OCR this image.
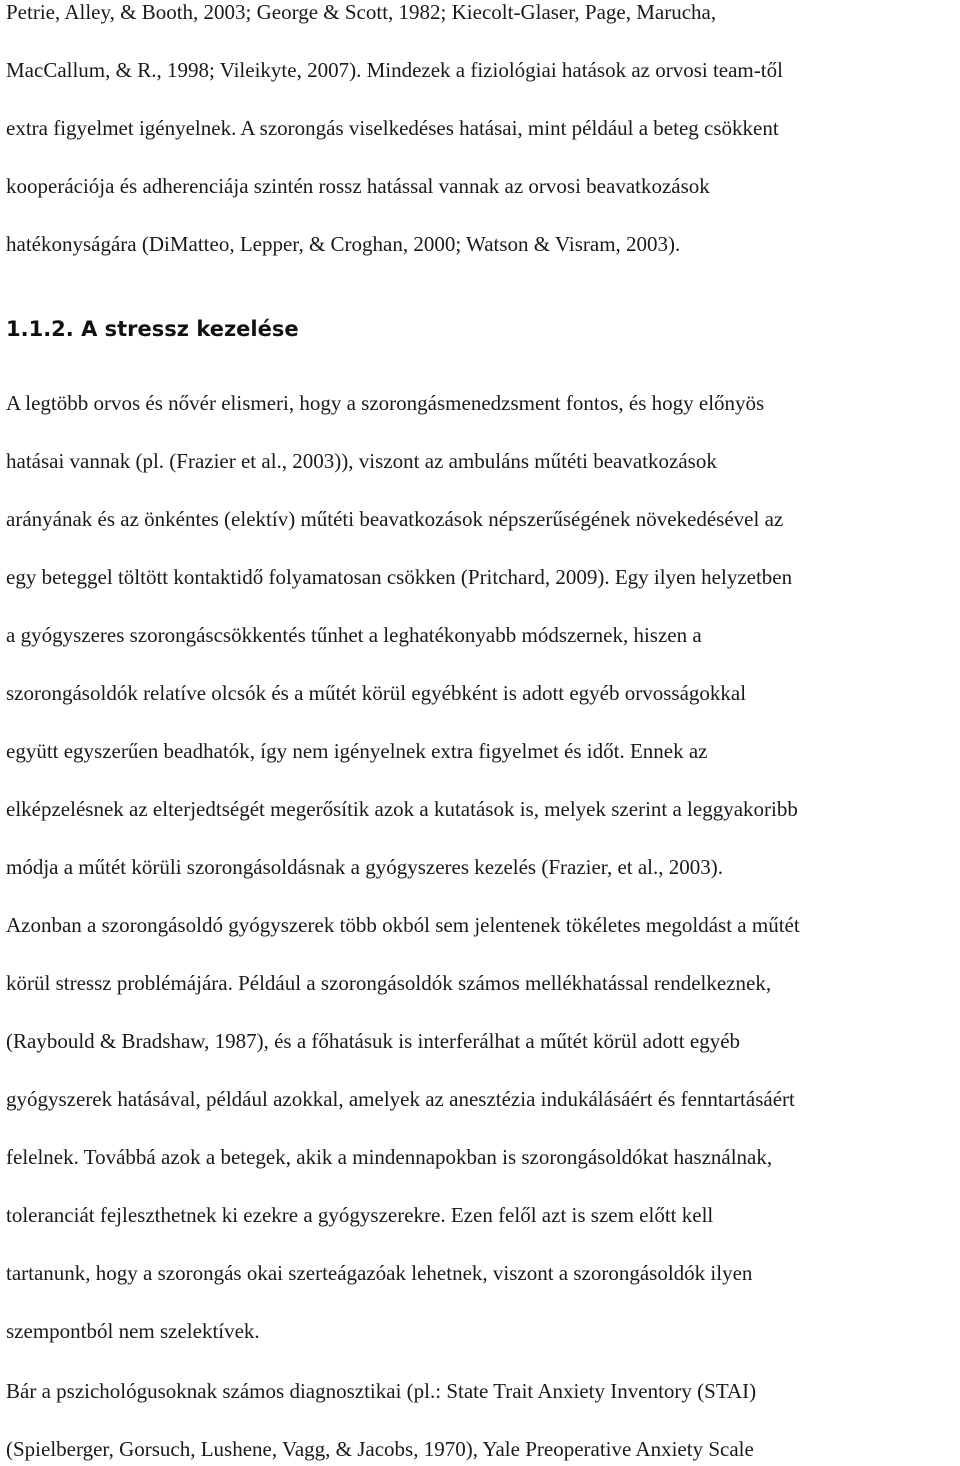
Petrie, Alley, & Booth, 2003; George & Scott, 1982; Kiecolt-Glaser, Page, Marucha,
MacCallum, & R., 1998; Vileikyte, 2007). Mindezek a fiziológiai hatások az orvosi team-től
extra figyelmet igényelnek. A szorongás viselkedéses hatásai, mint például a beteg csökkent
kooperációja és adherenciája szintén rossz hatással vannak az orvosi beavatkozások
hatékonyságára (DiMatteo, Lepper, & Croghan, 2000; Watson & Visram, 2003).
1.1.2. A stressz kezelése
A legtöbb orvos és nővér elismeri, hogy a szorongásmenedzsment fontos, és hogy előnyös
hatásai vannak (pl. (Frazier et al., 2003)), viszont az ambuláns műtéti beavatkozások
arányának és az önkéntes (elektív) műtéti beavatkozások népszerűségének növekedésével az
egy beteggel töltött kontaktidő folyamatosan csökken (Pritchard, 2009). Egy ilyen helyzetben
a gyógyszeres szorongáscsökkentés tűnhet a leghatékonyabb módszernek, hiszen a
szorongásoldók relatíve olcsók és a műtét körül egyébként is adott egyéb orvosságokkal
együtt egyszerűen beadhatók, így nem igényelnek extra figyelmet és időt. Ennek az
elképzelésnek az elterjedtségét megerősítik azok a kutatások is, melyek szerint a leggyakoribb
módja a műtét körüli szorongásoldásnak a gyógyszeres kezelés (Frazier, et al., 2003).
Azonban a szorongásoldó gyógyszerek több okból sem jelentenek tökéletes megoldást a műtét
körül stressz problémájára. Például a szorongásoldók számos mellékhatással rendelkeznek,
(Raybould & Bradshaw, 1987), és a főhatásuk is interferálhat a műtét körül adott egyéb
gyógyszerek hatásával, például azokkal, amelyek az anesztézia indukálásáért és fenntartásáért
felelnek. Továbbá azok a betegek, akik a mindennapokban is szorongásoldókat használnak,
toleranciát fejleszthetnek ki ezekre a gyógyszerekre. Ezen felől azt is szem előtt kell
tartanunk, hogy a szorongás okai szerteágazóak lehetnek, viszont a szorongásoldók ilyen
szempontból nem szelektívek.
Bár a pszichológusoknak számos diagnosztikai (pl.: State Trait Anxiety Inventory (STAI)
(Spielberger, Gorsuch, Lushene, Vagg, & Jacobs, 1970), Yale Preoperative Anxiety Scale
